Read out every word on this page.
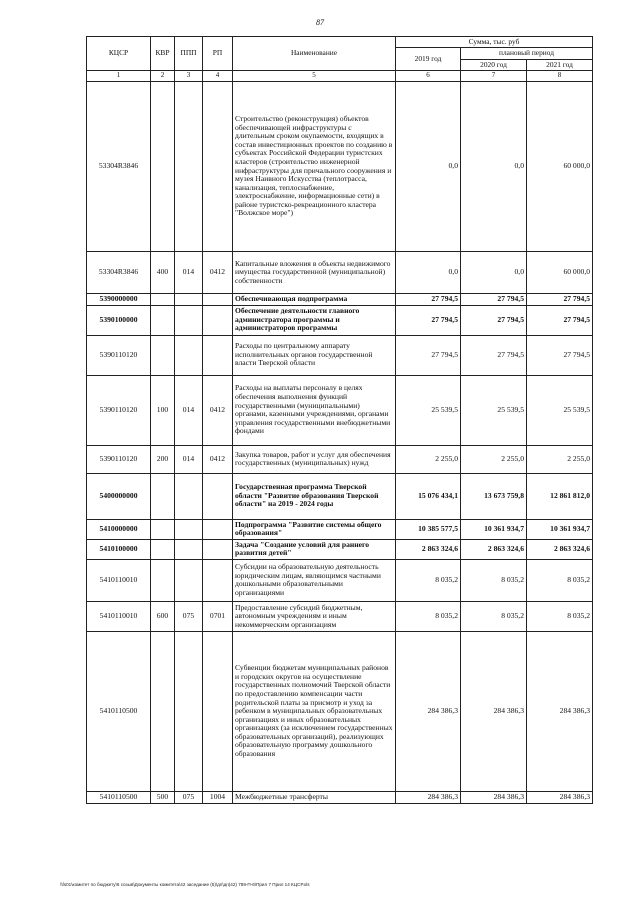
87
КЦСР	КВР	ППП	РП	Наименование	Сумма, тыс. руб		
					2019 год	плановый период	
						2020 год	2021 год
1	2	3	4	5	6	7	8
53304R3846				Строительство (реконструкция) объектов обеспечивающей инфраструктуры с длительным сроком окупаемости, входящих в состав инвестиционных проектов по созданию в субъектах Российской Федерации туристских кластеров (строительство инженерной инфраструктуры для причального сооружения и музея Наивного Искусства (теплотрасса, канализация, теплоснабжение, электроснабжение, информационные сети) в районе туристско-рекреационного кластера "Волжское море")	0,0	0,0	60 000,0
53304R3846	400	014	0412	Капитальные вложения в объекты недвижимого имущества государственной (муниципальной) собственности	0,0	0,0	60 000,0
5390000000				Обеспечивающая подпрограмма	27 794,5	27 794,5	27 794,5
5390100000				Обеспечение деятельности главного администратора программы и администраторов программы	27 794,5	27 794,5	27 794,5
5390110120				Расходы по центральному аппарату исполнительных органов государственной власти Тверской области	27 794,5	27 794,5	27 794,5
5390110120	100	014	0412	Расходы на выплаты персоналу в целях обеспечения выполнения функций государственными (муниципальными) органами, казенными учреждениями, органами управления государственными внебюджетными фондами	25 539,5	25 539,5	25 539,5
5390110120	200	014	0412	Закупка товаров, работ и услуг для обеспечения государственных (муниципальных) нужд	2 255,0	2 255,0	2 255,0
5400000000				Государственная программа Тверской области "Развитие образования Тверской области" на 2019 - 2024 годы	15 076 434,1	13 673 759,8	12 861 812,0
5410000000				Подпрограмма "Развитие системы общего образования"	10 385 577,5	10 361 934,7	10 361 934,7
5410100000				Задача "Создание условий для раннего развития детей"	2 863 324,6	2 863 324,6	2 863 324,6
5410110010				Субсидии на образовательную деятельность юридическим лицам, являющимся частными дошкольными образовательными организациями	8 035,2	8 035,2	8 035,2
5410110010	600	075	0701	Предоставление субсидий бюджетным, автономным учреждениям и иным некоммерческим организациям	8 035,2	8 035,2	8 035,2
5410110500				Субвенции бюджетам муниципальных районов и городских округов на осуществление государственных полномочий Тверской области по предоставлению компенсации части родительской платы за присмотр и уход за ребенком в муниципальных образовательных организациях и иных образовательных организациях (за исключением государственных образовательных организаций), реализующих образовательную программу дошкольного образования	284 386,3	284 386,3	284 386,3
5410110500	500	075	1004	Межбюджетные трансферты	284 386,3	284 386,3	284 386,3
\\fs01\комитет по бюджету\6 созыв\Документы комитета\42 заседание (5)\дп\дп(42) 789-П-6\Прил 7 Прил 14 КЦСР.xls
